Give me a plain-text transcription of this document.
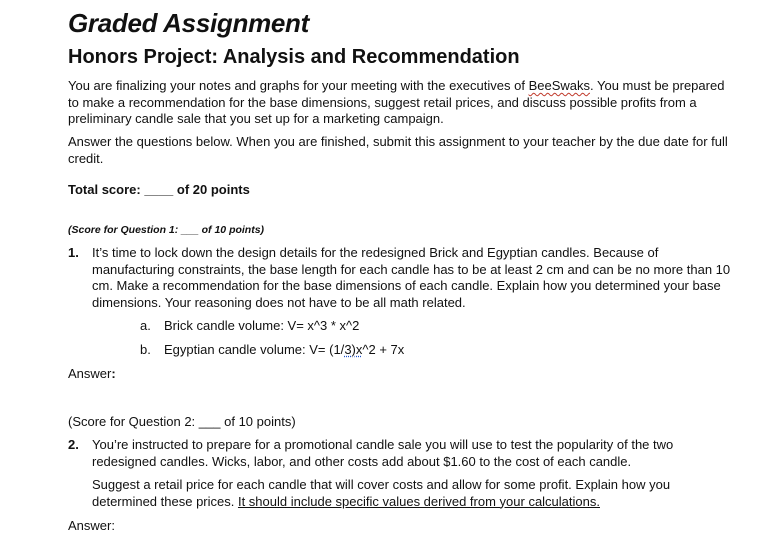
Graded Assignment
Honors Project: Analysis and Recommendation
You are finalizing your notes and graphs for your meeting with the executives of BeeSwaks. You must be prepared to make a recommendation for the base dimensions, suggest retail prices, and discuss possible profits from a preliminary candle sale that you set up for a marketing campaign.
Answer the questions below. When you are finished, submit this assignment to your teacher by the due date for full credit.
Total score: ____ of 20 points
(Score for Question 1: ___ of 10 points)
1. It’s time to lock down the design details for the redesigned Brick and Egyptian candles. Because of manufacturing constraints, the base length for each candle has to be at least 2 cm and can be no more than 10 cm. Make a recommendation for the base dimensions of each candle. Explain how you determined your base dimensions. Your reasoning does not have to be all math related.
a. Brick candle volume: V= x^3 * x^2
b. Egyptian candle volume: V= (1/3)x^2 + 7x
Answer:
(Score for Question 2: ___ of 10 points)
2. You’re instructed to prepare for a promotional candle sale you will use to test the popularity of the two redesigned candles. Wicks, labor, and other costs add about $1.60 to the cost of each candle.
Suggest a retail price for each candle that will cover costs and allow for some profit. Explain how you determined these prices. It should include specific values derived from your calculations.
Answer:
